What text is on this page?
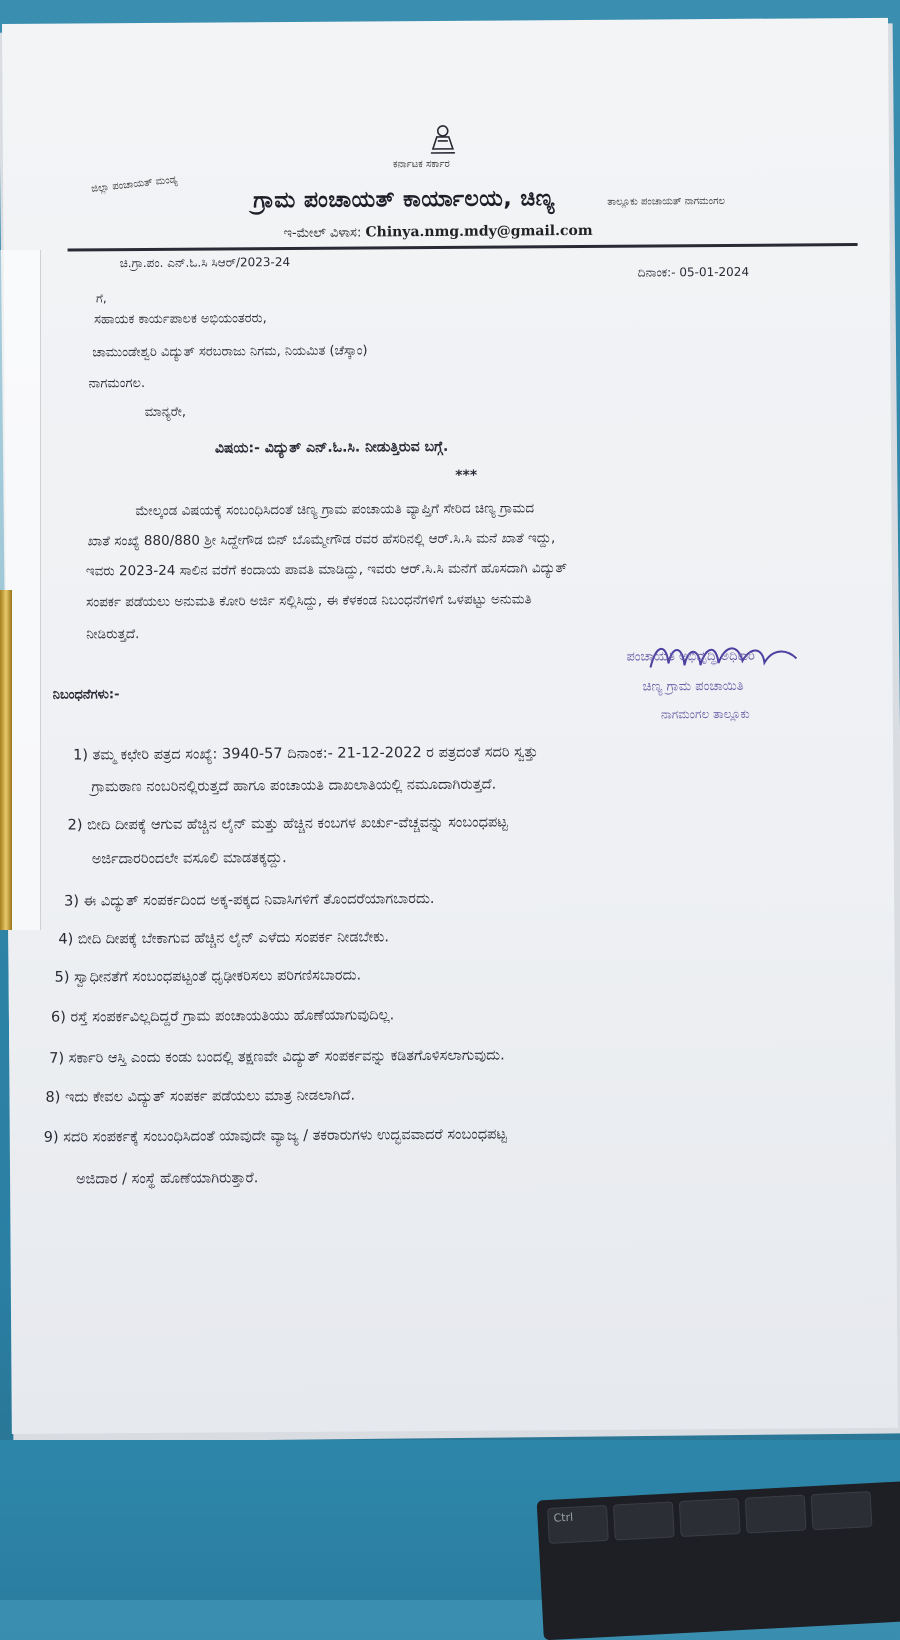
ಜಿಲ್ಲಾ ಪಂಚಾಯತ್ ಮಂಡ್ಯ
ಕರ್ನಾಟಕ ಸರ್ಕಾರ
ತಾಲ್ಲೂಕು ಪಂಚಾಯತ್ ನಾಗಮಂಗಲ
ಗ್ರಾಮ ಪಂಚಾಯತ್ ಕಾರ್ಯಾಲಯ, ಚಿಣ್ಯ
ಇ-ಮೇಲ್ ವಿಳಾಸ: Chinya.nmg.mdy@gmail.com
ಚಿ.ಗ್ರಾ.ಪಂ. ಎನ್.ಓ.ಸಿ ಸಿಆರ್/2023-24
ದಿನಾಂಕ:- 05-01-2024
ಗೆ,
ಸಹಾಯಕ ಕಾರ್ಯಪಾಲಕ ಅಭಿಯಂತರರು,
ಚಾಮುಂಡೇಶ್ವರಿ ವಿದ್ಯುತ್ ಸರಬರಾಜು ನಿಗಮ, ನಿಯಮಿತ (ಚೆಸ್ಕಾಂ)
ನಾಗಮಂಗಲ.
ಮಾನ್ಯರೇ,
ವಿಷಯ:- ವಿದ್ಯುತ್ ಎನ್.ಓ.ಸಿ. ನೀಡುತ್ತಿರುವ ಬಗ್ಗೆ.
***
ಮೇಲ್ಕಂಡ ವಿಷಯಕ್ಕೆ ಸಂಬಂಧಿಸಿದಂತೆ ಚಿಣ್ಯ ಗ್ರಾಮ ಪಂಚಾಯತಿ ವ್ಯಾಪ್ತಿಗೆ ಸೇರಿದ ಚಿಣ್ಯ ಗ್ರಾಮದ
ಖಾತೆ ಸಂಖ್ಯೆ 880/880 ಶ್ರೀ ಸಿದ್ದೇಗೌಡ ಬಿನ್ ಬೊಮ್ಮೇಗೌಡ ರವರ ಹೆಸರಿನಲ್ಲಿ ಆರ್.ಸಿ.ಸಿ ಮನೆ ಖಾತೆ ಇದ್ದು,
ಇವರು 2023-24 ಸಾಲಿನ ವರೆಗೆ ಕಂದಾಯ ಪಾವತಿ ಮಾಡಿದ್ದು, ಇವರು ಆರ್.ಸಿ.ಸಿ ಮನೆಗೆ ಹೊಸದಾಗಿ ವಿದ್ಯುತ್
ಸಂಪರ್ಕ ಪಡೆಯಲು ಅನುಮತಿ ಕೋರಿ ಅರ್ಜಿ ಸಲ್ಲಿಸಿದ್ದು, ಈ ಕೆಳಕಂಡ ನಿಬಂಧನೆಗಳಿಗೆ ಒಳಪಟ್ಟು ಅನುಮತಿ
ನೀಡಿರುತ್ತದೆ.
ಪಂಚಾಯತಿ ಅಭಿವೃದ್ಧಿ ಅಧಿಕಾರಿ
ಚಿಣ್ಯ ಗ್ರಾಮ ಪಂಚಾಯಿತಿ
ನಾಗಮಂಗಲ ತಾಲ್ಲೂಕು
ನಿಬಂಧನೆಗಳು:-
1) ತಮ್ಮ ಕಛೇರಿ ಪತ್ರದ ಸಂಖ್ಯೆ: 3940-57 ದಿನಾಂಕ:- 21-12-2022 ರ ಪತ್ರದಂತೆ ಸದರಿ ಸ್ವತ್ತು
ಗ್ರಾಮಠಾಣ ನಂಬರಿನಲ್ಲಿರುತ್ತದೆ ಹಾಗೂ ಪಂಚಾಯತಿ ದಾಖಲಾತಿಯಲ್ಲಿ ನಮೂದಾಗಿರುತ್ತದೆ.
2) ಬೀದಿ ದೀಪಕ್ಕೆ ಆಗುವ ಹೆಚ್ಚಿನ ಲೈನ್ ಮತ್ತು ಹೆಚ್ಚಿನ ಕಂಬಗಳ ಖರ್ಚು-ವೆಚ್ಚವನ್ನು ಸಂಬಂಧಪಟ್ಟ
ಅರ್ಜಿದಾರರಿಂದಲೇ ವಸೂಲಿ ಮಾಡತಕ್ಕದ್ದು.
3) ಈ ವಿದ್ಯುತ್ ಸಂಪರ್ಕದಿಂದ ಅಕ್ಕ-ಪಕ್ಕದ ನಿವಾಸಿಗಳಿಗೆ ತೊಂದರೆಯಾಗಬಾರದು.
4) ಬೀದಿ ದೀಪಕ್ಕೆ ಬೇಕಾಗುವ ಹೆಚ್ಚಿನ ಲೈನ್ ಎಳೆದು ಸಂಪರ್ಕ ನೀಡಬೇಕು.
5) ಸ್ವಾಧೀನತೆಗೆ ಸಂಬಂಧಪಟ್ಟಂತೆ ಧೃಢೀಕರಿಸಲು ಪರಿಗಣಿಸಬಾರದು.
6) ರಸ್ತೆ ಸಂಪರ್ಕವಿಲ್ಲದಿದ್ದರೆ ಗ್ರಾಮ ಪಂಚಾಯತಿಯು ಹೊಣೆಯಾಗುವುದಿಲ್ಲ.
7) ಸರ್ಕಾರಿ ಆಸ್ತಿ ಎಂದು ಕಂಡು ಬಂದಲ್ಲಿ ತಕ್ಷಣವೇ ವಿದ್ಯುತ್ ಸಂಪರ್ಕವನ್ನು ಕಡಿತಗೊಳಿಸಲಾಗುವುದು.
8) ಇದು ಕೇವಲ ವಿದ್ಯುತ್ ಸಂಪರ್ಕ ಪಡೆಯಲು ಮಾತ್ರ ನೀಡಲಾಗಿದೆ.
9) ಸದರಿ ಸಂಪರ್ಕಕ್ಕೆ ಸಂಬಂಧಿಸಿದಂತೆ ಯಾವುದೇ ವ್ಯಾಜ್ಯ / ತಕರಾರುಗಳು ಉದ್ಭವವಾದರೆ ಸಂಬಂಧಪಟ್ಟ
ಅಜಿದಾರ / ಸಂಸ್ಥೆ ಹೊಣೆಯಾಗಿರುತ್ತಾರೆ.
Ctrl
